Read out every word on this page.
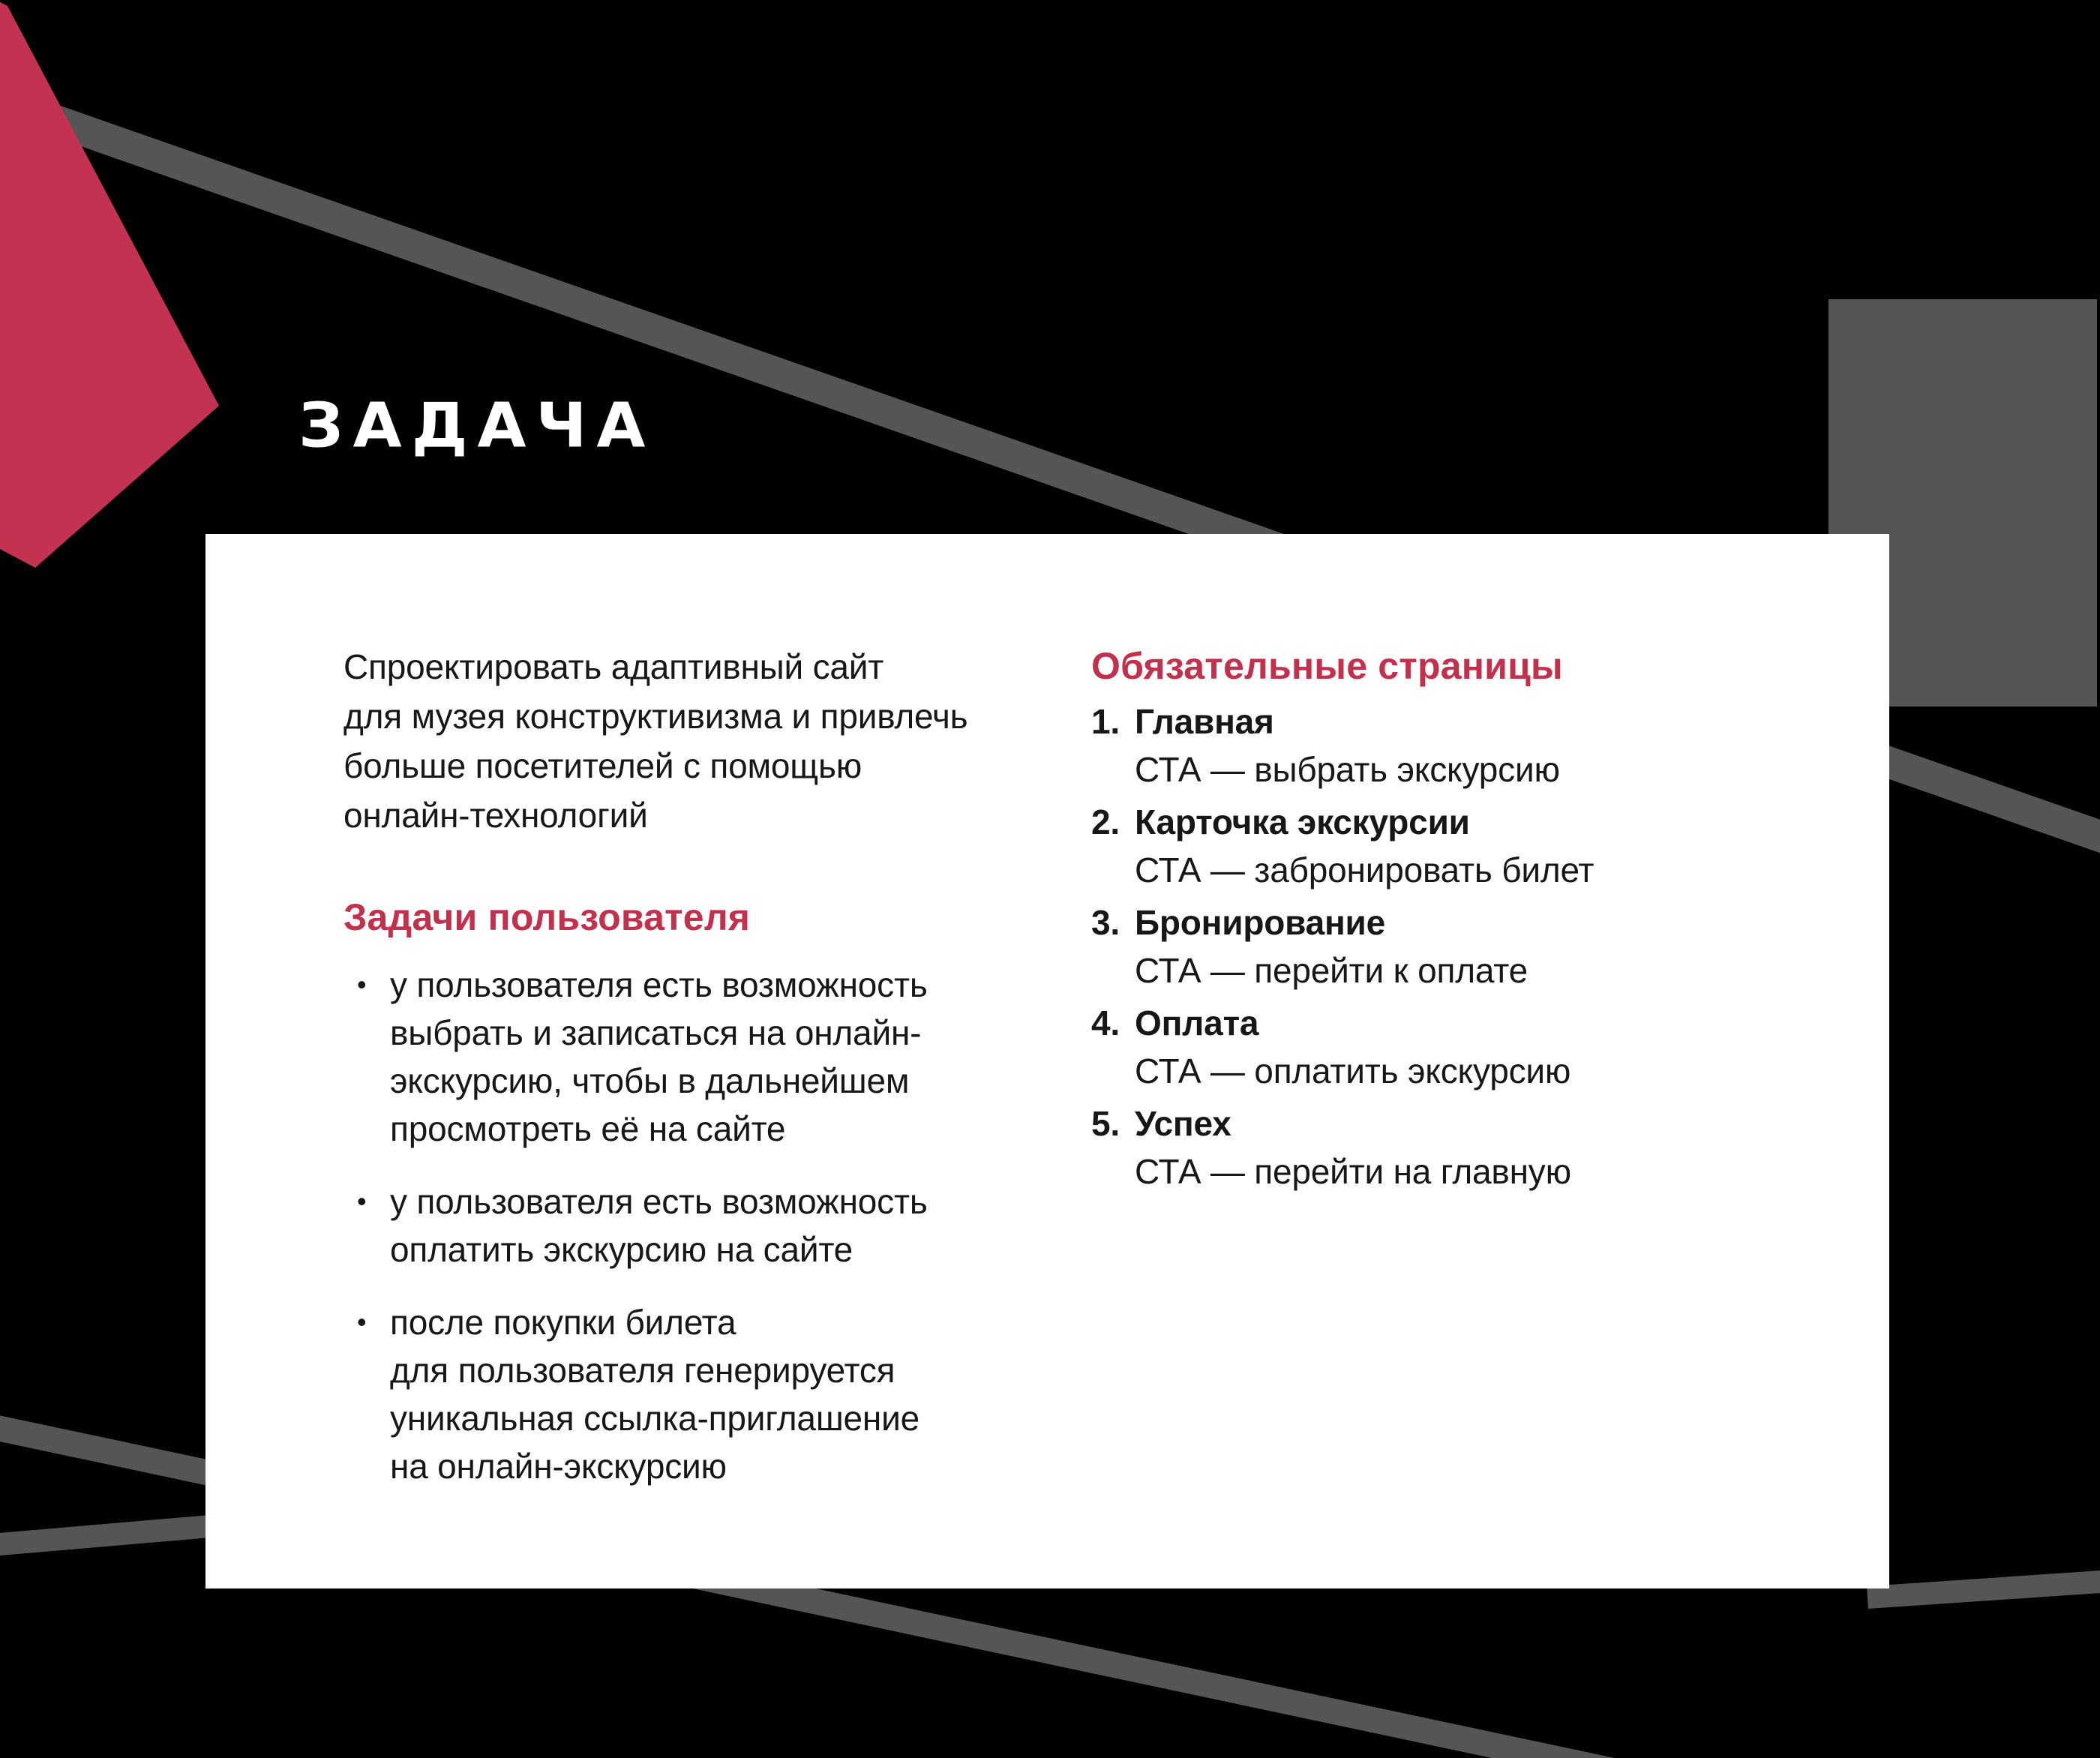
ЗАДАЧА

Спроектировать адаптивный сайт
для музея конструктивизма и привлечь
больше посетителей с помощью
онлайн-технологий

Задачи пользователя
• у пользователя есть возможность
выбрать и записаться на онлайн-
экскурсию, чтобы в дальнейшем
просмотреть её на сайте
• у пользователя есть возможность
оплатить экскурсию на сайте
• после покупки билета
для пользователя генерируется
уникальная ссылка-приглашение
на онлайн-экскурсию
Обязательные страницы
1. Главная
СТА — выбрать экскурсию
2. Карточка экскурсии
СТА — забронировать билет
3. Бронирование
СТА — перейти к оплате
4. Оплата
СТА — оплатить экскурсию
5. Успех
СТА — перейти на главную
